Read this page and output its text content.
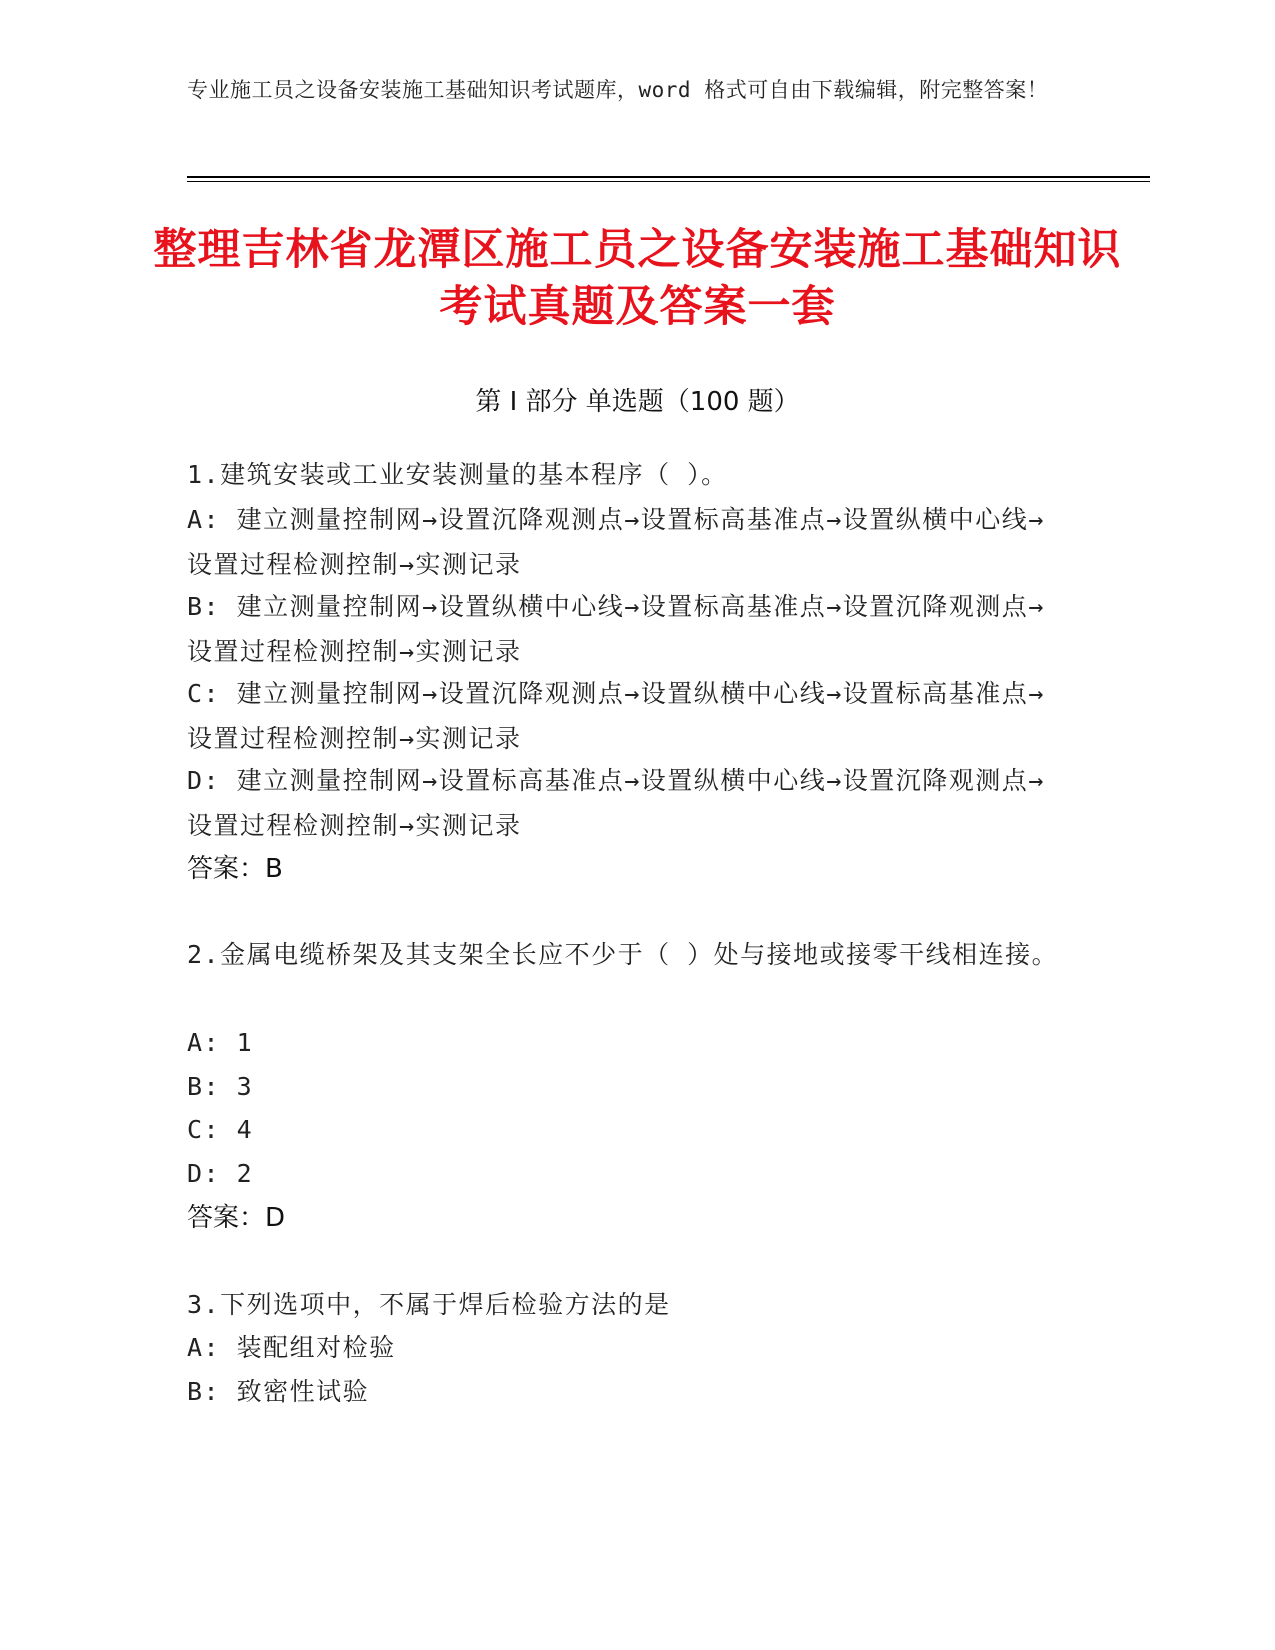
专业施工员之设备安装施工基础知识考试题库，word 格式可自由下载编辑，附完整答案！
整理吉林省龙潭区施工员之设备安装施工基础知识考试真题及答案一套
第 I 部分 单选题（100 题）
1.建筑安装或工业安装测量的基本程序（ ）。
A: 建立测量控制网→设置沉降观测点→设置标高基准点→设置纵横中心线→设置过程检测控制→实测记录
B: 建立测量控制网→设置纵横中心线→设置标高基准点→设置沉降观测点→设置过程检测控制→实测记录
C: 建立测量控制网→设置沉降观测点→设置纵横中心线→设置标高基准点→设置过程检测控制→实测记录
D: 建立测量控制网→设置标高基准点→设置纵横中心线→设置沉降观测点→设置过程检测控制→实测记录
答案：B
2.金属电缆桥架及其支架全长应不少于（ ）处与接地或接零干线相连接。
A: 1
B: 3
C: 4
D: 2
答案：D
3.下列选项中，不属于焊后检验方法的是
A: 装配组对检验
B: 致密性试验
